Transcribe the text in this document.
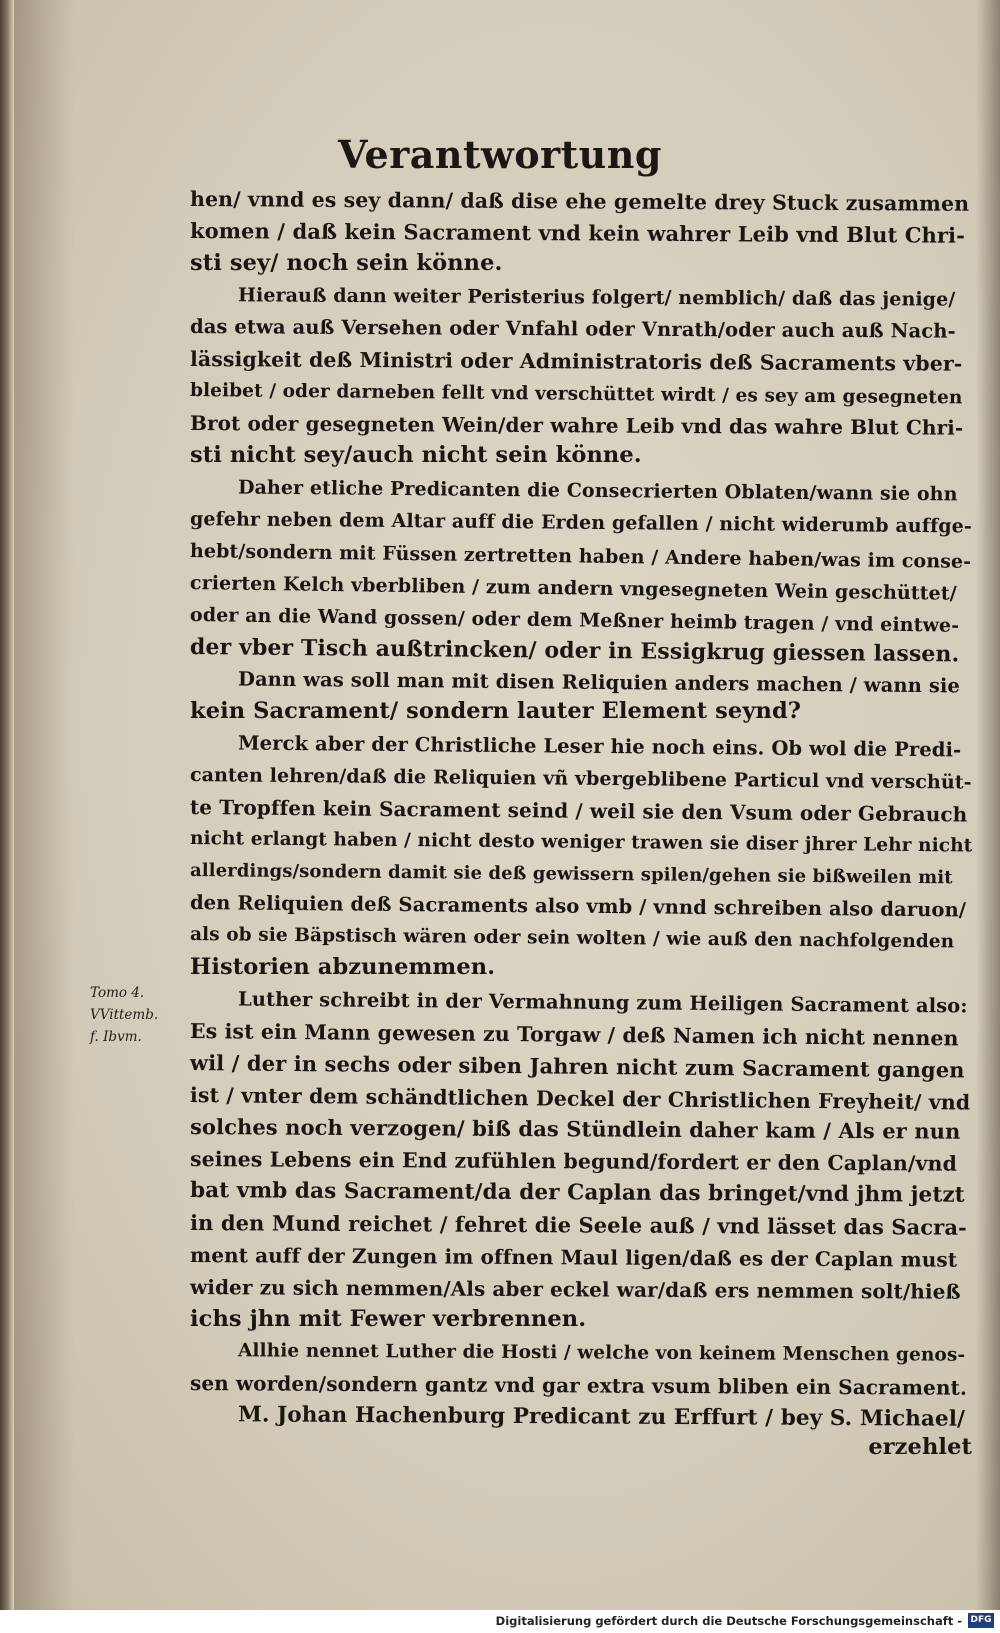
Verantwortung
hen/ vnnd es sey dann/ daß dise ehe gemelte drey Stuck zusammen
komen / daß kein Sacrament vnd kein wahrer Leib vnd Blut Chri-
sti sey/ noch sein könne.
Hierauß dann weiter Peristerius folgert/ nemblich/ daß das jenige/
das etwa auß Versehen oder Vnfahl oder Vnrath/oder auch auß Nach-
lässigkeit deß Ministri oder Administratoris deß Sacraments vber-
bleibet / oder darneben fellt vnd verschüttet wirdt / es sey am gesegneten
Brot oder gesegneten Wein/der wahre Leib vnd das wahre Blut Chri-
sti nicht sey/auch nicht sein könne.
Daher etliche Predicanten die Consecrierten Oblaten/wann sie ohn
gefehr neben dem Altar auff die Erden gefallen / nicht widerumb auffge-
hebt/sondern mit Füssen zertretten haben / Andere haben/was im conse-
crierten Kelch vberbliben / zum andern vngesegneten Wein geschüttet/
oder an die Wand gossen/ oder dem Meßner heimb tragen / vnd eintwe-
der vber Tisch außtrincken/ oder in Essigkrug giessen lassen.
Dann was soll man mit disen Reliquien anders machen / wann sie
kein Sacrament/ sondern lauter Element seynd?
Merck aber der Christliche Leser hie noch eins. Ob wol die Predi-
canten lehren/daß die Reliquien vñ vbergeblibene Particul vnd verschüt-
te Tropffen kein Sacrament seind / weil sie den Vsum oder Gebrauch
nicht erlangt haben / nicht desto weniger trawen sie diser jhrer Lehr nicht
allerdings/sondern damit sie deß gewissern spilen/gehen sie bißweilen mit
den Reliquien deß Sacraments also vmb / vnnd schreiben also daruon/
als ob sie Bäpstisch wären oder sein wolten / wie auß den nachfolgenden
Historien abzunemmen.
Luther schreibt in der Vermahnung zum Heiligen Sacrament also:
Es ist ein Mann gewesen zu Torgaw / deß Namen ich nicht nennen
wil / der in sechs oder siben Jahren nicht zum Sacrament gangen
ist / vnter dem schändtlichen Deckel der Christlichen Freyheit/ vnd
solches noch verzogen/ biß das Stündlein daher kam / Als er nun
seines Lebens ein End zufühlen begund/fordert er den Caplan/vnd
bat vmb das Sacrament/da der Caplan das bringet/vnd jhm jetzt
in den Mund reichet / fehret die Seele auß / vnd lässet das Sacra-
ment auff der Zungen im offnen Maul ligen/daß es der Caplan must
wider zu sich nemmen/Als aber eckel war/daß ers nemmen solt/hieß
ichs jhn mit Fewer verbrennen.
Allhie nennet Luther die Hosti / welche von keinem Menschen genos-
sen worden/sondern gantz vnd gar extra vsum bliben ein Sacrament.
M. Johan Hachenburg Predicant zu Erffurt / bey S. Michael/
erzehlet
Tomo 4.
VVittemb.
f. Ibvm.
Digitalisierung gefördert durch die Deutsche Forschungsgemeinschaft - DFG
